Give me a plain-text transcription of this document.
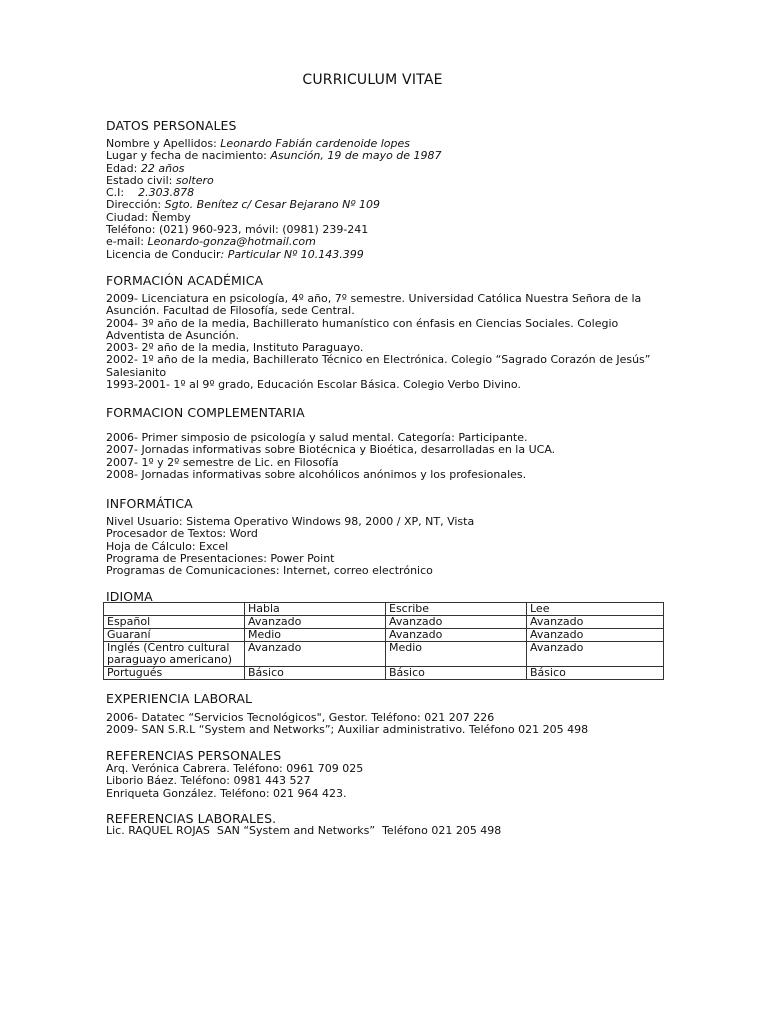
CURRICULUM VITAE
DATOS PERSONALES
Nombre y Apellidos: Leonardo Fabián cardenoide lopes
Lugar y fecha de nacimiento: Asunción, 19 de mayo de 1987
Edad: 22 años
Estado civil: soltero
C.I:    2.303.878
Dirección: Sgto. Benítez c/ Cesar Bejarano Nº 109
Ciudad: Ñemby
Teléfono: (021) 960-923, móvil: (0981) 239-241
e-mail: Leonardo-gonza@hotmail.com
Licencia de Conducir: Particular Nº 10.143.399
FORMACIÓN ACADÉMICA
2009- Licenciatura en psicología, 4º año, 7º semestre. Universidad Católica Nuestra Señora de la Asunción. Facultad de Filosofía, sede Central.
2004- 3º año de la media, Bachillerato humanístico con énfasis en Ciencias Sociales. Colegio Adventista de Asunción.
2003- 2º año de la media, Instituto Paraguayo.
2002- 1º año de la media, Bachillerato Técnico en Electrónica. Colegio “Sagrado Corazón de Jesús” Salesianito
1993-2001- 1º al 9º grado, Educación Escolar Básica. Colegio Verbo Divino.
FORMACION COMPLEMENTARIA
2006- Primer simposio de psicología y salud mental. Categoría: Participante.
2007- Jornadas informativas sobre Biotécnica y Bioética, desarrolladas en la UCA.
2007- 1º y 2º semestre de Lic. en Filosofía
2008- Jornadas informativas sobre alcohólicos anónimos y los profesionales.
INFORMÁTICA
Nivel Usuario: Sistema Operativo Windows 98, 2000 / XP, NT, Vista
Procesador de Textos: Word
Hoja de Cálculo: Excel
Programa de Presentaciones: Power Point
Programas de Comunicaciones: Internet, correo electrónico
IDIOMA
	Habla	Escribe	Lee
Español	Avanzado	Avanzado	Avanzado
Guaraní	Medio	Avanzado	Avanzado
Inglés (Centro cultural paraguayo americano)	Avanzado	Medio	Avanzado
Portugués	Básico	Básico	Básico
EXPERIENCIA LABORAL
2006- Datatec “Servicios Tecnológicos", Gestor. Teléfono: 021 207 226
2009- SAN S.R.L “System and Networks”; Auxiliar administrativo. Teléfono 021 205 498
REFERENCIAS PERSONALES
Arq. Verónica Cabrera. Teléfono: 0961 709 025
Liborio Báez. Teléfono: 0981 443 527
Enriqueta González. Teléfono: 021 964 423.
REFERENCIAS LABORALES.
Lic. RAQUEL ROJAS  SAN “System and Networks”  Teléfono 021 205 498
